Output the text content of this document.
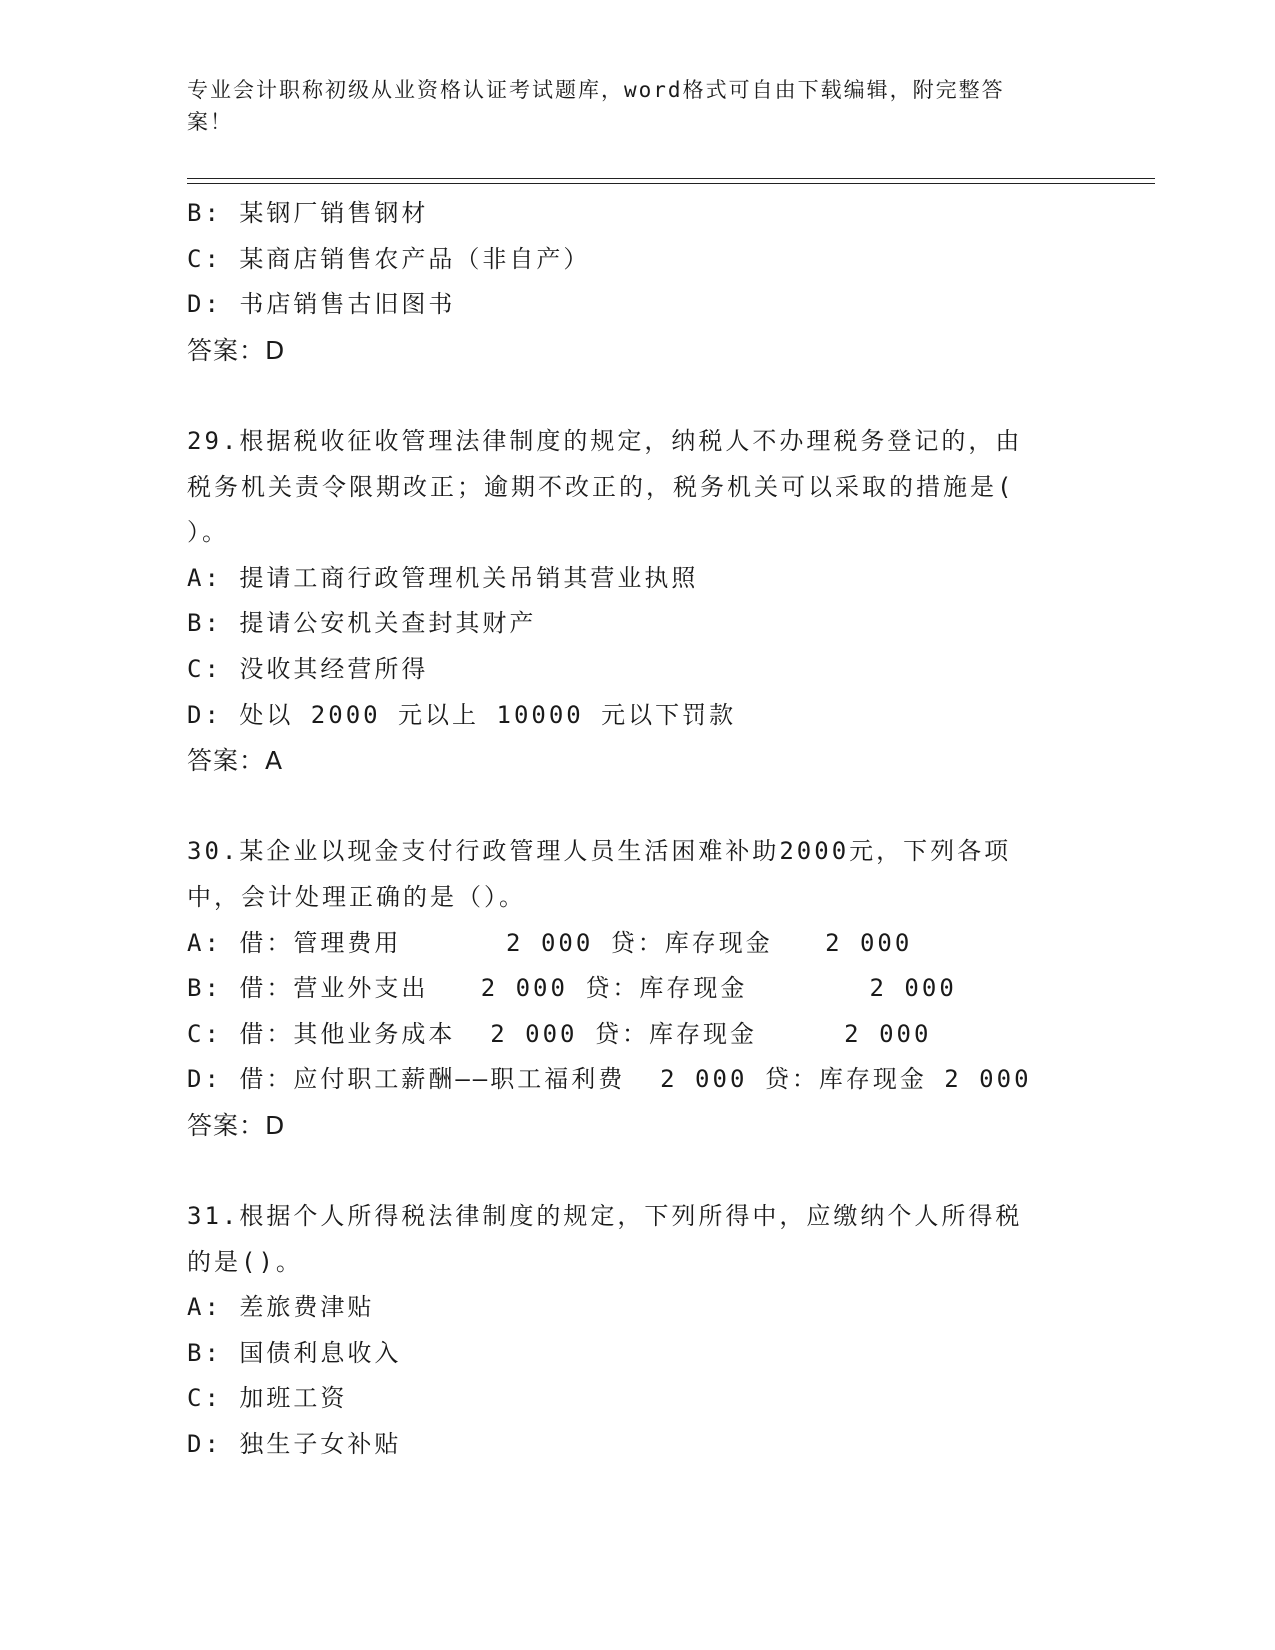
专业会计职称初级从业资格认证考试题库，word格式可自由下载编辑，附完整答
案！
B: 某钢厂销售钢材
C: 某商店销售农产品（非自产）
D: 书店销售古旧图书
答案：D
29.根据税收征收管理法律制度的规定，纳税人不办理税务登记的，由
税务机关责令限期改正；逾期不改正的，税务机关可以采取的措施是(
）。
A: 提请工商行政管理机关吊销其营业执照
B: 提请公安机关查封其财产
C: 没收其经营所得
D: 处以 2000 元以上 10000 元以下罚款
答案：A
30.某企业以现金支付行政管理人员生活困难补助2000元，下列各项
中，会计处理正确的是（）。
A: 借：管理费用      2 000 贷：库存现金   2 000
B: 借：营业外支出   2 000 贷：库存现金       2 000
C: 借：其他业务成本  2 000 贷：库存现金     2 000
D: 借：应付职工薪酬——职工福利费  2 000 贷：库存现金 2 000
答案：D
31.根据个人所得税法律制度的规定，下列所得中，应缴纳个人所得税
的是()。
A: 差旅费津贴
B: 国债利息收入
C: 加班工资
D: 独生子女补贴
